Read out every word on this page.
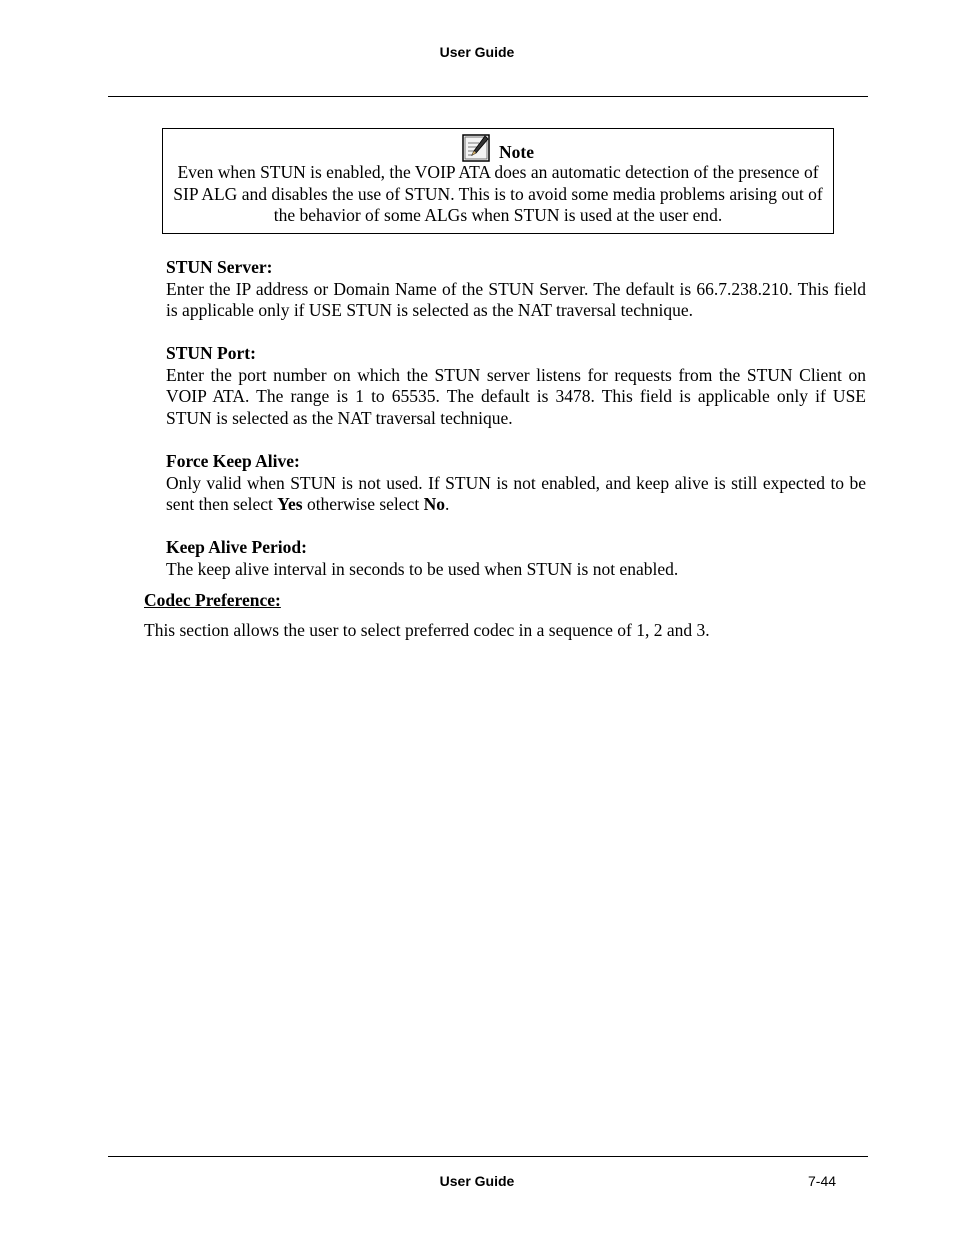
User Guide
Note

Even when STUN is enabled, the VOIP ATA does an automatic detection of the presence of SIP ALG and disables the use of STUN. This is to avoid some media problems arising out of the behavior of some ALGs when STUN is used at the user end.

STUN Server:

Enter the IP address or Domain Name of the STUN Server. The default is 66.7.238.210. This field is applicable only if USE STUN is selected as the NAT traversal technique.

STUN Port:

Enter the port number on which the STUN server listens for requests from the STUN Client on VOIP ATA. The range is 1 to 65535. The default is 3478. This field is applicable only if USE STUN is selected as the NAT traversal technique.

Force Keep Alive:

Only valid when STUN is not used. If STUN is not enabled, and keep alive is still expected to be sent then select Yes otherwise select No.

Keep Alive Period:

The keep alive interval in seconds to be used when STUN is not enabled.

Codec Preference:
This section allows the user to select preferred codec in a sequence of 1, 2 and 3.
User Guide	7-44
